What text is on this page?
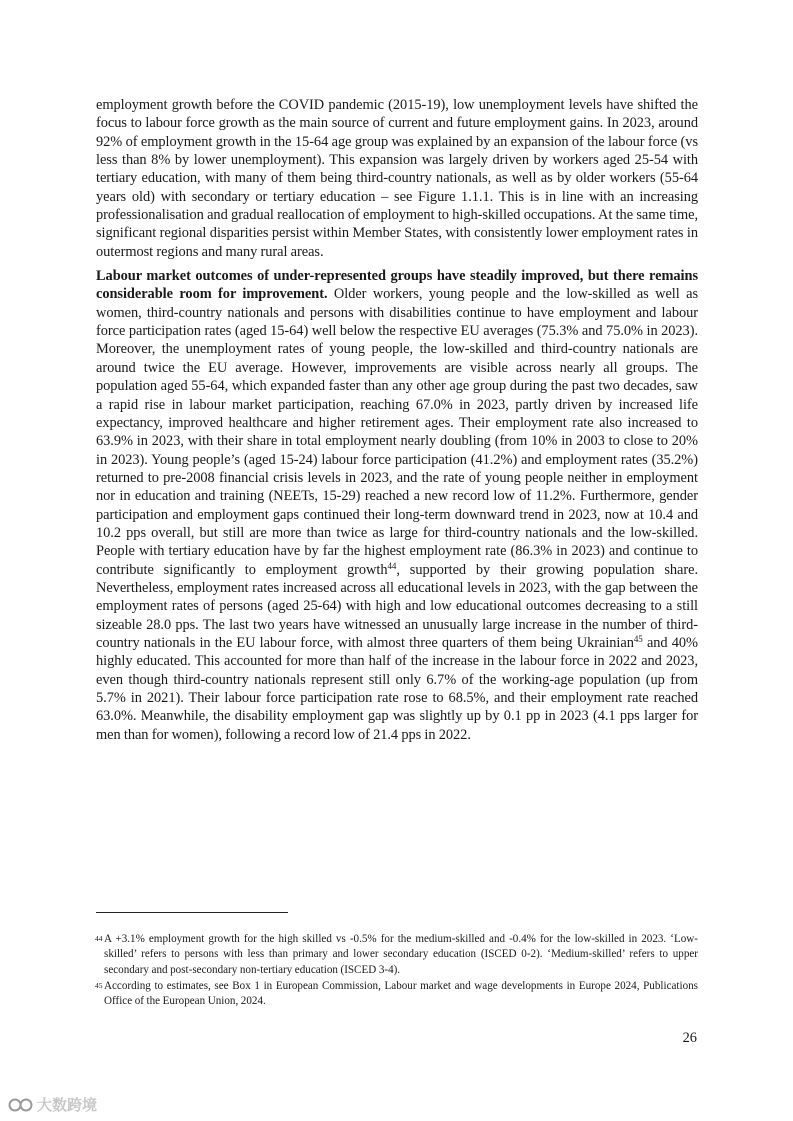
employment growth before the COVID pandemic (2015-19), low unemployment levels have shifted the focus to labour force growth as the main source of current and future employment gains. In 2023, around 92% of employment growth in the 15-64 age group was explained by an expansion of the labour force (vs less than 8% by lower unemployment). This expansion was largely driven by workers aged 25-54 with tertiary education, with many of them being third-country nationals, as well as by older workers (55-64 years old) with secondary or tertiary education – see Figure 1.1.1. This is in line with an increasing professionalisation and gradual reallocation of employment to high-skilled occupations. At the same time, significant regional disparities persist within Member States, with consistently lower employment rates in outermost regions and many rural areas.

Labour market outcomes of under-represented groups have steadily improved, but there remains considerable room for improvement. Older workers, young people and the low-skilled as well as women, third-country nationals and persons with disabilities continue to have employment and labour force participation rates (aged 15-64) well below the respective EU averages (75.3% and 75.0% in 2023). Moreover, the unemployment rates of young people, the low-skilled and third-country nationals are around twice the EU average. However, improvements are visible across nearly all groups. The population aged 55-64, which expanded faster than any other age group during the past two decades, saw a rapid rise in labour market participation, reaching 67.0% in 2023, partly driven by increased life expectancy, improved healthcare and higher retirement ages. Their employment rate also increased to 63.9% in 2023, with their share in total employment nearly doubling (from 10% in 2003 to close to 20% in 2023). Young people’s (aged 15-24) labour force participation (41.2%) and employment rates (35.2%) returned to pre-2008 financial crisis levels in 2023, and the rate of young people neither in employment nor in education and training (NEETs, 15-29) reached a new record low of 11.2%. Furthermore, gender participation and employment gaps continued their long-term downward trend in 2023, now at 10.4 and 10.2 pps overall, but still are more than twice as large for third-country nationals and the low-skilled. People with tertiary education have by far the highest employment rate (86.3% in 2023) and continue to contribute significantly to employment growth$^{44}$, supported by their growing population share. Nevertheless, employment rates increased across all educational levels in 2023, with the gap between the employment rates of persons (aged 25-64) with high and low educational outcomes decreasing to a still sizeable 28.0 pps. The last two years have witnessed an unusually large increase in the number of third-country nationals in the EU labour force, with almost three quarters of them being Ukrainian$^{45}$ and 40% highly educated. This accounted for more than half of the increase in the labour force in 2022 and 2023, even though third-country nationals represent still only 6.7% of the working-age population (up from 5.7% in 2021). Their labour force participation rate rose to 68.5%, and their employment rate reached 63.0%. Meanwhile, the disability employment gap was slightly up by 0.1 pp in 2023 (4.1 pps larger for men than for women), following a record low of 21.4 pps in 2022.

44 A +3.1% employment growth for the high skilled vs -0.5% for the medium-skilled and -0.4% for the low-skilled in 2023. ‘Low-skilled’ refers to persons with less than primary and lower secondary education (ISCED 0-2). ‘Medium-skilled’ refers to upper secondary and post-secondary non-tertiary education (ISCED 3-4).

45 According to estimates, see Box 1 in European Commission, Labour market and wage developments in Europe 2024, Publications Office of the European Union, 2024.

26
大数跨境
